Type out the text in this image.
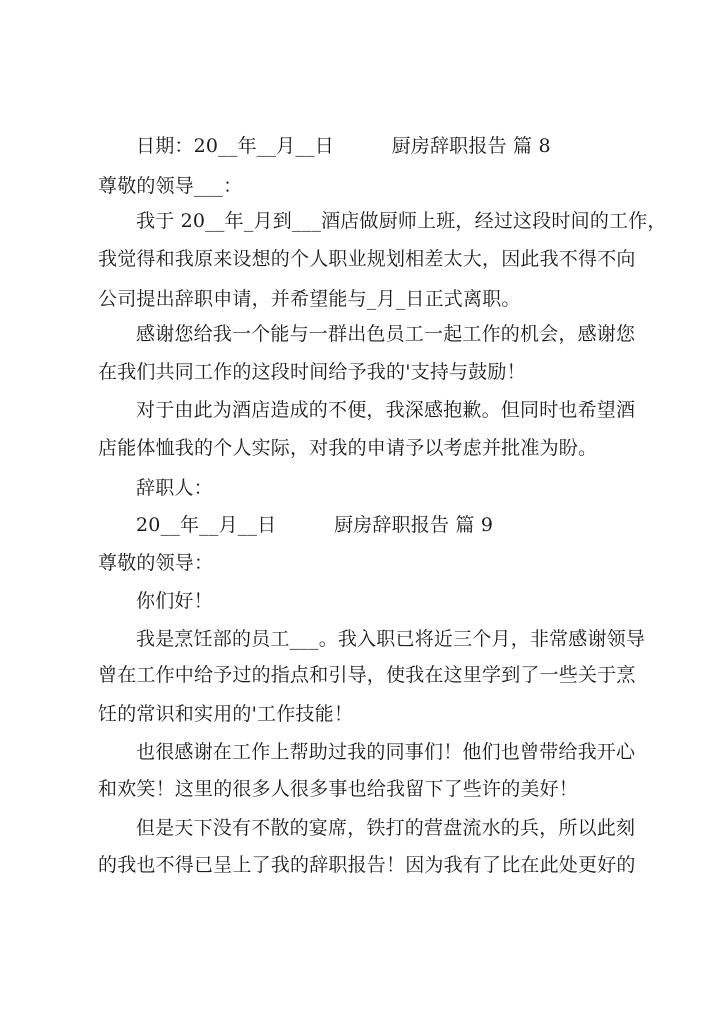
日期：20__年__月__日　　　厨房辞职报告 篇 8
尊敬的领导___：
我于 20__年_月到___酒店做厨师上班，经过这段时间的工作，
我觉得和我原来设想的个人职业规划相差太大，因此我不得不向
公司提出辞职申请，并希望能与_月_日正式离职。
感谢您给我一个能与一群出色员工一起工作的机会，感谢您
在我们共同工作的这段时间给予我的'支持与鼓励！
对于由此为酒店造成的不便，我深感抱歉。但同时也希望酒
店能体恤我的个人实际，对我的申请予以考虑并批准为盼。
辞职人：
20__年__月__日　　　厨房辞职报告 篇 9
尊敬的领导：
你们好！
我是烹饪部的员工___。我入职已将近三个月，非常感谢领导
曾在工作中给予过的指点和引导，使我在这里学到了一些关于烹
饪的常识和实用的'工作技能！
也很感谢在工作上帮助过我的同事们！他们也曾带给我开心
和欢笑！这里的很多人很多事也给我留下了些许的美好！
但是天下没有不散的宴席，铁打的营盘流水的兵，所以此刻
的我也不得已呈上了我的辞职报告！因为我有了比在此处更好的
